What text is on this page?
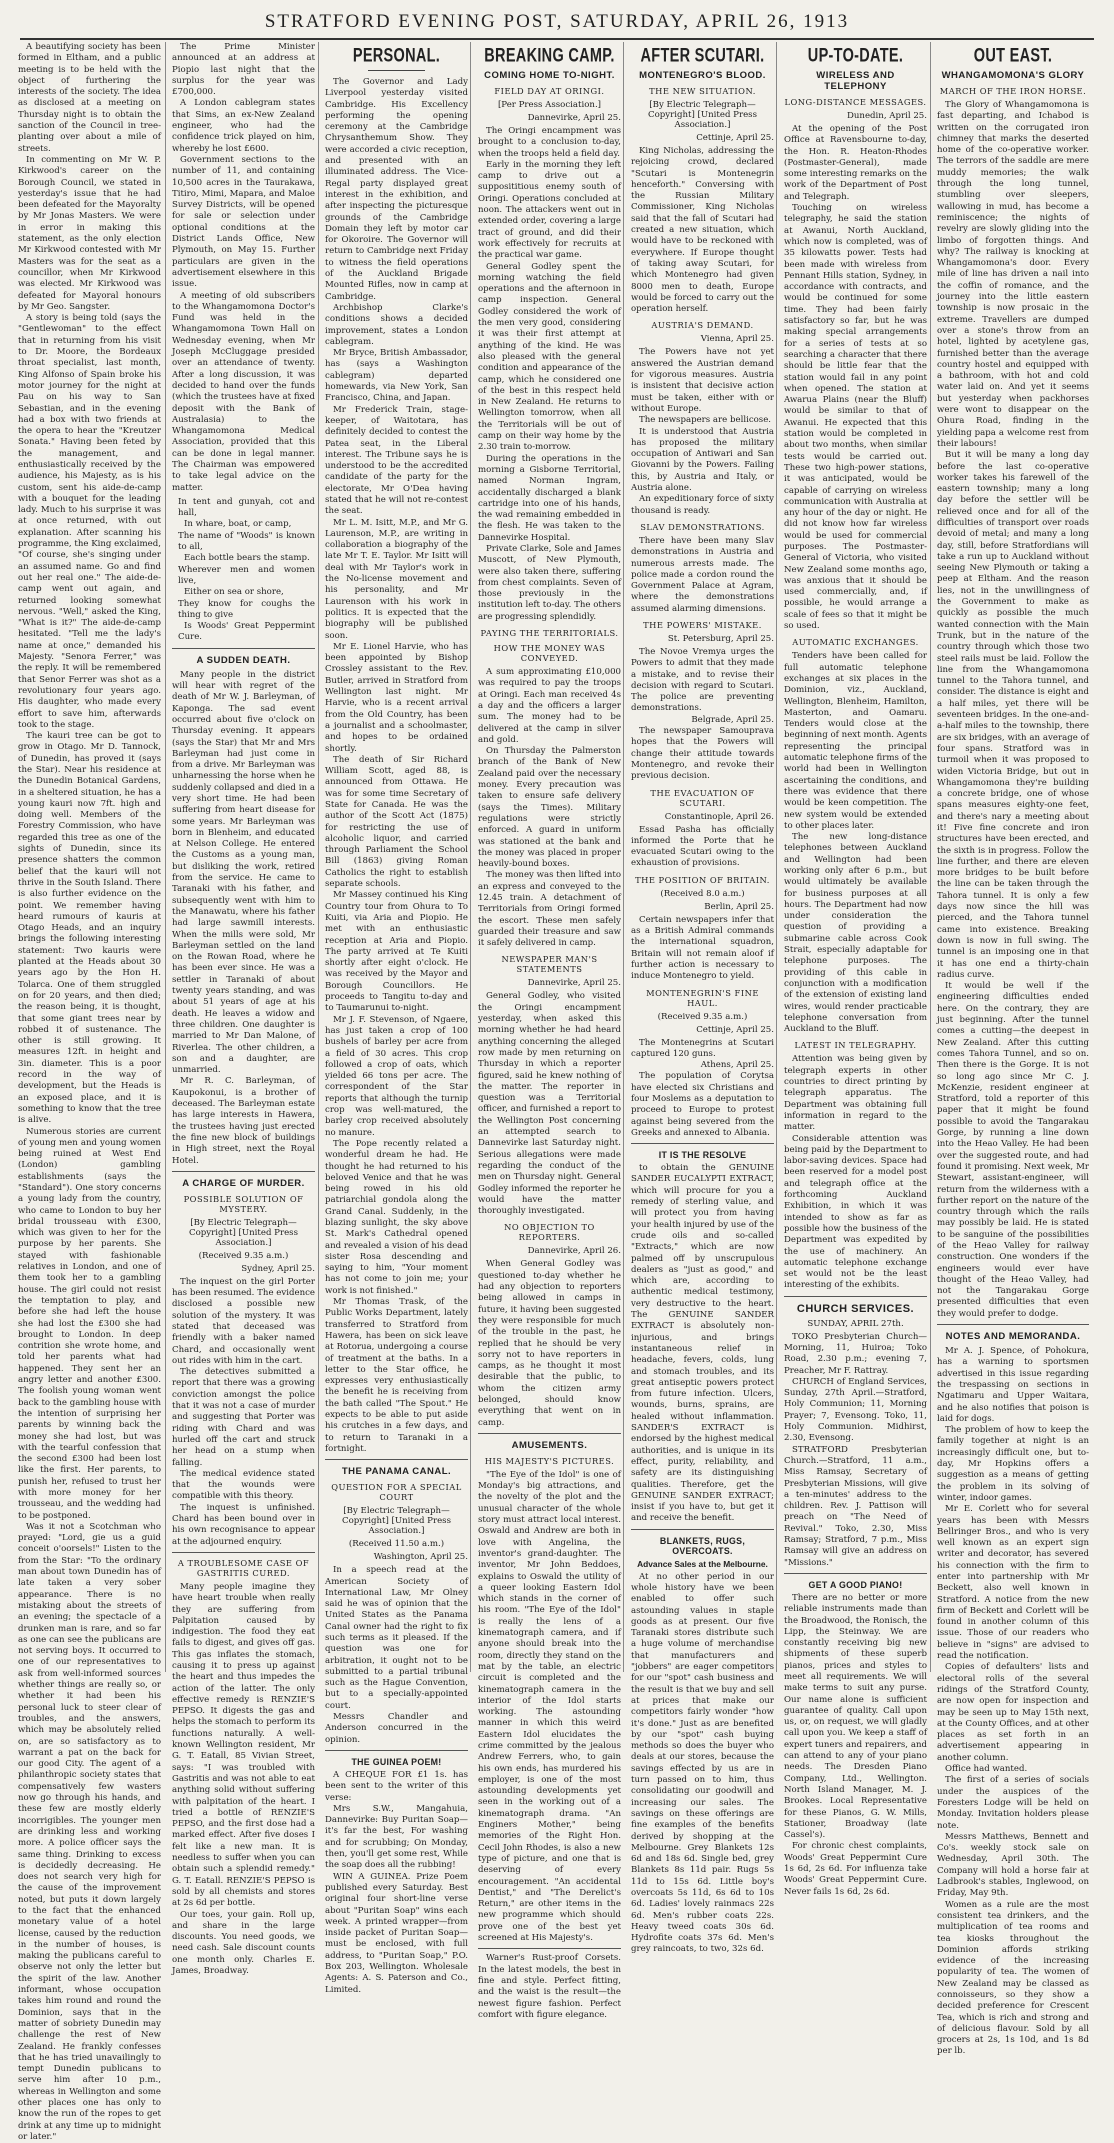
STRATFORD EVENING POST, SATURDAY, APRIL 26, 1913

A beautifying society has been formed in Eltham, and a public meeting is to be held with the object of furthering the interests of the society. The idea as disclosed at a meeting on Thursday night is to obtain the sanction of the Council in tree-planting over about a mile of streets.

In commenting on Mr W. P. Kirkwood's career on the Borough Council, we stated in yesterday's issue that he had been defeated for the Mayoralty by Mr Jonas Masters. We were in error in making this statement, as the only election Mr Kirkwood contested with Mr Masters was for the seat as a councillor, when Mr Kirkwood was elected. Mr Kirkwood was defeated for Mayoral honours by Mr Geo. Sangster.

A story is being told (says the "Gentlewoman" to the effect that in returning from his visit to Dr. Moore, the Bordeaux throat specialist, last month, King Alfonso of Spain broke his motor journey for the night at Pau on his way to San Sebastian, and in the evening had a box with two friends at the opera to hear the "Kreutzer Sonata." Having been feted by the management, and enthusiastically received by the audience, his Majesty, as is his custom, sent his aide-de-camp with a bouquet for the leading lady. Much to his surprise it was at once returned, with out explanation. After scanning his programme, the King exclaimed, "Of course, she's singing under an assumed name. Go and find out her real one." The aide-de-camp went out again, and returned looking somewhat nervous. "Well," asked the King, "What is it?" The aide-de-camp hesitated. "Tell me the lady's name at once," demanded his Majesty. "Senora Ferrer," was the reply. It will be remembered that Senor Ferrer was shot as a revolutionary four years ago. His daughter, who made every effort to save him, afterwards took to the stage.

The kauri tree can be got to grow in Otago. Mr D. Tannock, of Dunedin, has proved it (says the Star). Near his residence at the Dunedin Botanical Gardens, in a sheltered situation, he has a young kauri now 7ft. high and doing well. Members of the Forestry Commission, who have regarded this tree as one of the sights of Dunedin, since its presence shatters the common belief that the kauri will not thrive in the South Island. There is also further evidence on the point. We remember having heard rumours of kauris at Otago Heads, and an inquiry brings the following interesting statement: Two kauris were planted at the Heads about 30 years ago by the Hon H. Tolarca. One of them struggled on for 20 years, and then died; the reason being, it is thought, that some giant trees near by robbed it of sustenance. The other is still growing. It measures 12ft. in height and 3in. diameter. This is a poor record in the way of development, but the Heads is an exposed place, and it is something to know that the tree is alive.

Numerous stories are current of young men and young women being ruined at West End (London) gambling establishments (says the "Standard"). One story concerns a young lady from the country, who came to London to buy her bridal trousseau with £300, which was given to her for the purpose by her parents. She stayed with fashionable relatives in London, and one of them took her to a gambling house. The girl could not resist the temptation to play, and before she had left the house she had lost the £300 she had brought to London. In deep contrition she wrote home, and told her parents what had happened. They sent her an angry letter and another £300. The foolish young woman went back to the gambling house with the intention of surprising her parents by winning back the money she had lost, but was with the tearful confession that the second £300 had been lost like the first. Her parents, to punish her, refused to trust her with more money for her trousseau, and the wedding had to be postponed.

Was it not a Scotchman who prayed: "Lord, gie us a guid conceit o'oorsels!" Listen to the from the Star: "To the ordinary man about town Dunedin has of late taken a very sober appearance. There is no mistaking about the streets of an evening; the spectacle of a drunken man is rare, and so far as one can see the publicans are not serving boys. It occurred to one of our representatives to ask from well-informed sources whether things are really so, or whether it had been his personal luck to steer clear of troubles, and the answers, which may be absolutely relied on, are so satisfactory as to warrant a pat on the back for our good City. The agent of a philanthropic society states that compensatively few wasters now go through his hands, and these few are mostly elderly incorrigibles. The younger men are drinking less and working more. A police officer says the same thing. Drinking to excess is decidedly decreasing. He does not search very high for the cause of the improvement noted, but puts it down largely to the fact that the enhanced monetary value of a hotel license, caused by the reduction in the number of houses, is making the publicans careful to observe not only the letter but the spirit of the law. Another informant, whose occupation takes him round and round the Dominion, says that in the matter of sobriety Dunedin may challenge the rest of New Zealand. He frankly confesses that he has tried unavailingly to tempt Dunedin publicans to serve him after 10 p.m., whereas in Wellington and some other places one has only to know the run of the ropes to get drink at any time up to midnight or later."

The Prime Minister announced at an address at Piopio last night that the surplus for the year was £700,000.

A London cablegram states that Sims, an ex-New Zealand engineer, who had the confidence trick played on him, whereby he lost £600.

Government sections to the number of 11, and containing 10,500 acres in the Taurakawa, Titiro, Mimi, Mapara, and Maloe Survey Districts, will be opened for sale or selection under optional conditions at the District Lands Office, New Plymouth, on May 15. Further particulars are given in the advertisement elsewhere in this issue.

A meeting of old subscribers to the Whangamomona Doctor's Fund was held in the Whangamomona Town Hall on Wednesday evening, when Mr Joseph McCluggage presided over an attendance of twenty. After a long discussion, it was decided to hand over the funds (which the trustees have at fixed deposit with the Bank of Australasia) to the Whangamomona Medical Association, provided that this can be done in legal manner. The Chairman was empowered to take legal advice on the matter.

In tent and gunyah, cot and hall,

In whare, boat, or camp,

The name of "Woods" is known to all,

Each bottle bears the stamp.

Wherever men and women live,

Either on sea or shore,

They know for coughs the thing to give

Is Woods' Great Peppermint Cure.

A SUDDEN DEATH.

Many people in the district will hear with regret of the death of Mr W. J. Barleyman, of Kaponga. The sad event occurred about five o'clock on Thursday evening. It appears (says the Star) that Mr and Mrs Barleyman had just come in from a drive. Mr Barleyman was unharnessing the horse when he suddenly collapsed and died in a very short time. He had been suffering from heart disease for some years. Mr Barleyman was born in Blenheim, and educated at Nelson College. He entered the Customs as a young man, but disliking the work, retired from the service. He came to Taranaki with his father, and subsequently went with him to the Manawatu, where his father had large sawmill interests. When the mills were sold, Mr Barleyman settled on the land on the Rowan Road, where he has been ever since. He was a settler in Taranaki of about twenty years standing, and was about 51 years of age at his death. He leaves a widow and three children. One daughter is married to Mr Dan Malone, of Riverlea. The other children, a son and a daughter, are unmarried.

Mr R. C. Barleyman, of Kaupokonui, is a brother of deceased. The Barleyman estate has large interests in Hawera, the trustees having just erected the fine new block of buildings in High street, next the Royal Hotel.

A CHARGE OF MURDER.
POSSIBLE SOLUTION OF MYSTERY.
[By Electric Telegraph—Copyright] [United Press Association.]
(Received 9.35 a.m.)
Sydney, April 25.

The inquest on the girl Porter has been resumed. The evidence disclosed a possible new solution of the mystery. It was stated that deceased was friendly with a baker named Chard, and occasionally went out rides with him in the cart.

The detectives submitted a report that there was a growing conviction amongst the police that it was not a case of murder and suggesting that Porter was riding with Chard and was hurled off the cart and struck her head on a stump when falling.

The medical evidence stated that the wounds were compatible with this theory.

The inquest is unfinished. Chard has been bound over in his own recognisance to appear at the adjourned enquiry.

A TROUBLESOME CASE OF GASTRITIS CURED.

Many people imagine they have heart trouble when really they are suffering from Palpitation caused by indigestion. The food they eat fails to digest, and gives off gas. This gas inflates the stomach, causing it to press up against the heart and thus impedes the action of the latter. The only effective remedy is RENZIE'S PEPSO. It digests the gas and helps the stomach to perform its functions naturally. A well-known Wellington resident, Mr G. T. Eatall, 85 Vivian Street, says: "I was troubled with Gastritis and was not able to eat anything solid without suffering with palpitation of the heart. I tried a bottle of RENZIE'S PEPSO, and the first dose had a marked effect. After five doses I felt like a new man. It is needless to suffer when you can obtain such a splendid remedy." G. T. Eatall. RENZIE'S PEPSO is sold by all chemists and stores at 2s 6d per bottle.

Our toes, your gain. Roll up, and share in the large discounts. You need goods, we need cash. Sale discount counts one month only. Charles E. James, Broadway.

PERSONAL.

The Governor and Lady Liverpool yesterday visited Cambridge. His Excellency performing the opening ceremony at the Cambridge Chrysanthemum Show. They were accorded a civic reception, and presented with an illuminated address. The Vice-Regal party displayed great interest in the exhibition, and after inspecting the picturesque grounds of the Cambridge Domain they left by motor car for Okoroire. The Governor will return to Cambridge next Friday to witness the field operations of the Auckland Brigade Mounted Rifles, now in camp at Cambridge.

Archbishop Clarke's conditions shows a decided improvement, states a London cablegram.

Mr Bryce, British Ambassador, has (says a Washington cablegram) departed homewards, via New York, San Francisco, China, and Japan.

Mr Frederick Train, stage-keeper, of Waitotara, has definitely decided to contest the Patea seat, in the Liberal interest. The Tribune says he is understood to be the accredited candidate of the party for the electorate, Mr O'Dea having stated that he will not re-contest the seat.

Mr L. M. Isitt, M.P., and Mr G. Laurenson, M.P., are writing in collaboration a biography of the late Mr T. E. Taylor. Mr Isitt will deal with Mr Taylor's work in the No-license movement and his personality, and Mr Laurenson with his work in politics. It is expected that the biography will be published soon.

Mr E. Lionel Harvie, who has been appointed by Bishop Crossley assistant to the Rev. Butler, arrived in Stratford from Wellington last night. Mr Harvie, who is a recent arrival from the Old Country, has been a journalist and a schoolmaster, and hopes to be ordained shortly.

The death of Sir Richard William Scott, aged 88, is announced from Ottawa. He was for some time Secretary of State for Canada. He was the author of the Scott Act (1875) for restricting the use of alcoholic liquor, and carried through Parliament the School Bill (1863) giving Roman Catholics the right to establish separate schools.

Mr Massey continued his King Country tour from Ohura to To Kuiti, via Aria and Piopio. He met with an enthusiastic reception at Aria and Piopio. The party arrived at Te Kuiti shortly after eight o'clock. He was received by the Mayor and Borough Councillors. He proceeds to Tangitu to-day and to Taumarunui to-night.

Mr J. F. Stevenson, of Ngaere, has just taken a crop of 100 bushels of barley per acre from a field of 30 acres. This crop followed a crop of oats, which yielded 66 tons per acre. The correspondent of the Star reports that although the turnip crop was well-matured, the barley crop received absolutely no manure.

The Pope recently related a wonderful dream he had. He thought he had returned to his beloved Venice and that he was being rowed in his old patriarchial gondola along the Grand Canal. Suddenly, in the blazing sunlight, the sky above St. Mark's Cathedral opened and revealed a vision of his dead sister Rosa descending and saying to him, "Your moment has not come to join me; your work is not finished."

Mr Thomas Trask, of the Public Works Department, lately transferred to Stratford from Hawera, has been on sick leave at Rotorua, undergoing a course of treatment at the baths. In a letter to the Star office, he expresses very enthusiastically the benefit he is receiving from the bath called "The Spout." He expects to be able to put aside his crutches in a few days, and to return to Taranaki in a fortnight.

THE PANAMA CANAL.
QUESTION FOR A SPECIAL COURT
[By Electric Telegraph—Copyright] [United Press Association.]
(Received 11.50 a.m.)
Washington, April 25.

In a speech read at the American Society of International Law, Mr Olney said he was of opinion that the United States as the Panama Canal owner had the right to fix such terms as it pleased. If the question was one for arbitration, it ought not to be submitted to a partial tribunal such as the Hague Convention, but to a specially-appointed court.

Messrs Chandler and Anderson concurred in the opinion.

THE GUINEA POEM!

A CHEQUE FOR £1 1s. has been sent to the writer of this verse:

Mrs S.W., Mangahuia, Dannevirke: Buy Puritan Soap—it's far the best, For washing and for scrubbing; On Monday, then, you'll get some rest, While the soap does all the rubbing!

WIN A GUINEA. Prize Poem published every Saturday. Best original four short-line verse about "Puritan Soap" wins each week. A printed wrapper—from inside packet of Puritan Soap—must be enclosed, with full address, to "Puritan Soap," P.O. Box 203, Wellington. Wholesale Agents: A. S. Paterson and Co., Limited.

BREAKING CAMP.
COMING HOME TO-NIGHT.
FIELD DAY AT ORINGI.
[Per Press Association.]
Dannevirke, April 25.

The Oringi encampment was brought to a conclusion to-day, when the troops held a field day.

Early in the morning they left camp to drive out a supposititious enemy south of Oringi. Operations concluded at noon. The attackers went out in extended order, covering a large tract of ground, and did their work effectively for recruits at the practical war game.

General Godley spent the morning watching the field operations and the afternoon in camp inspection. General Godley considered the work of the men very good, considering it was their first attempt at anything of the kind. He was also pleased with the general condition and appearance of the camp, which he considered one of the best in this respect held in New Zealand. He returns to Wellington tomorrow, when all the Territorials will be out of camp on their way home by the 2.30 train to-morrow.

During the operations in the morning a Gisborne Territorial, named Norman Ingram, accidentally discharged a blank cartridge into one of his hands, the wad remaining embedded in the flesh. He was taken to the Dannevirke Hospital.

Private Clarke, Sole and James Muscott, of New Plymouth, were also taken there, suffering from chest complaints. Seven of those previously in the institution left to-day. The others are progressing splendidly.

PAYING THE TERRITORIALS.
HOW THE MONEY WAS CONVEYED.

A sum approximating £10,000 was required to pay the troops at Oringi. Each man received 4s a day and the officers a larger sum. The money had to be delivered at the camp in silver and gold.

On Thursday the Palmerston branch of the Bank of New Zealand paid over the necessary money. Every precaution was taken to ensure safe delivery (says the Times). Military regulations were strictly enforced. A guard in uniform was stationed at the bank and the money was placed in proper heavily-bound boxes.

The money was then lifted into an express and conveyed to the 12.45 train. A detachment of Territorials from Oringi formed the escort. These men safely guarded their treasure and saw it safely delivered in camp.

NEWSPAPER MAN'S STATEMENTS
Dannevirke, April 25.

General Godley, who visited the Oringi encampment yesterday, when asked this morning whether he had heard anything concerning the alleged row made by men returning on Thursday in which a reporter figured, said he knew nothing of the matter. The reporter in question was a Territorial officer, and furnished a report to the Wellington Post concerning an attempted search to Dannevirke last Saturday night. Serious allegations were made regarding the conduct of the men on Thursday night. General Godley informed the reporter he would have the matter thoroughly investigated.

NO OBJECTION TO REPORTERS.
Dannevirke, April 26.

When General Godley was questioned to-day whether he had any objection to reporters being allowed in camps in future, it having been suggested they were responsible for much of the trouble in the past, he replied that he should be very sorry not to have reporters in camps, as he thought it most desirable that the public, to whom the citizen army belonged, should know everything that went on in camp.

AMUSEMENTS.
HIS MAJESTY'S PICTURES.

"The Eye of the Idol" is one of Monday's big attractions, and the novelty of the plot and the unusual character of the whole story must attract local interest. Oswald and Andrew are both in love with Angelina, the inventor's grand-daughter. The inventor, Mr John Beddoes, explains to Oswald the utility of a queer looking Eastern Idol which stands in the corner of his room. "The Eye of the Idol" is really the lens of a kinematograph camera, and if anyone should break into the room, directly they stand on the mat by the table, an electric circuit is completed and the kinematograph camera in the interior of the Idol starts working. The astounding manner in which this weird Eastern Idol elucidates the crime committed by the jealous Andrew Ferrers, who, to gain his own ends, has murdered his employer, is one of the most astounding developments yet seen in the working out of a kinematograph drama. "An Enginers Mother," being memories of the Right Hon. Cecil John Rhodes, is also a new type of picture, and one that is deserving of every encouragement. "An accidental Dentist," and "The Derelict's Return," are other items in the new programme which should prove one of the best yet screened at His Majesty's.

Warner's Rust-proof Corsets. In the latest models, the best in fine and style. Perfect fitting, and the waist is the result—the newest figure fashion. Perfect comfort with figure elegance.

AFTER SCUTARI.
MONTENEGRO'S BLOOD.
THE NEW SITUATION.
[By Electric Telegraph—Copyright] [United Press Association.]
Cettinje, April 25.

King Nicholas, addressing the rejoicing crowd, declared "Scutari is Montenegrin henceforth." Conversing with the Russian Military Commissioner, King Nicholas said that the fall of Scutari had created a new situation, which would have to be reckoned with everywhere. If Europe thought of taking away Scutari, for which Montenegro had given 8000 men to death, Europe would be forced to carry out the operation herself.

AUSTRIA'S DEMAND.
Vienna, April 25.

The Powers have not yet answered the Austrian demand for vigorous measures. Austria is insistent that decisive action must be taken, either with or without Europe.

The newspapers are bellicose.

It is understood that Austria has proposed the military occupation of Antiwari and San Giovanni by the Powers. Failing this, by Austria and Italy, or Austria alone.

An expeditionary force of sixty thousand is ready.

SLAV DEMONSTRATIONS.

There have been many Slav demonstrations in Austria and numerous arrests made. The police made a cordon round the Government Palace at Agram, where the demonstrations assumed alarming dimensions.

THE POWERS' MISTAKE.
St. Petersburg, April 25.

The Novoe Vremya urges the Powers to admit that they made a mistake, and to revise their decision with regard to Scutari. The police are preventing demonstrations.

Belgrade, April 25.

The newspaper Samouprava hopes that the Powers will change their attitude towards Montenegro, and revoke their previous decision.

THE EVACUATION OF SCUTARI.
Constantinople, April 26.

Essad Pasha has officially informed the Porte that he evacuated Scutari owing to the exhaustion of provisions.

THE POSITION OF BRITAIN.
(Received 8.0 a.m.)
Berlin, April 25.

Certain newspapers infer that as a British Admiral commands the international squadron, Britain will not remain aloof if further action is necessary to induce Montenegro to yield.

MONTENEGRIN'S FINE HAUL.
(Received 9.35 a.m.)
Cettinje, April 25.

The Montenegrins at Scutari captured 120 guns.

Athens, April 25.

The population of Corytsa have elected six Christians and four Moslems as a deputation to proceed to Europe to protest against being severed from the Greeks and annexed to Albania.

IT IS THE RESOLVE

to obtain the GENUINE SANDER EUCALYPTI EXTRACT, which will procure for you a remedy of sterling value, and will protect you from having your health injured by use of the crude oils and so-called "Extracts," which are now palmed off by unscrupulous dealers as "just as good," and which are, according to authentic medical testimony, very destructive to the heart. The GENUINE SANDER EXTRACT is absolutely non-injurious, and brings instantaneous relief in headache, fevers, colds, lung and stomach troubles, and its great antiseptic powers protect from future infection. Ulcers, wounds, burns, sprains, are healed without inflammation. SANDER'S EXTRACT is endorsed by the highest medical authorities, and is unique in its effect, purity, reliability, and safety are its distinguishing qualities. Therefore, get the GENUINE SANDER EXTRACT; insist if you have to, but get it and receive the benefit.

BLANKETS, RUGS, OVERCOATS.
Advance Sales at the Melbourne.

At no other period in our whole history have we been enabled to offer such astounding values in staple goods as at present. Our five Taranaki stores distribute such a huge volume of merchandise that manufacturers and "jobbers" are eager competitors for our "spot" cash business and the result is that we buy and sell at prices that make our competitors fairly wonder "how it's done." Just as are benefited by our "spot" cash buying methods so does the buyer who deals at our stores, because the savings effected by us are in turn passed on to him, thus consolidating our goodwill and increasing our sales. The savings on these offerings are fine examples of the benefits derived by shopping at the Melbourne. Grey Blankets 12s 6d and 18s 6d. Single bed, grey Blankets 8s 11d pair. Rugs 5s 11d to 15s 6d. Little boy's overcoats 5s 11d, 6s 6d to 10s 6d. Ladies' lovely rainmacs 22s 6d. Men's rubber coats 22s. Heavy tweed coats 30s 6d. Hydrofite coats 37s 6d. Men's grey raincoats, to two, 32s 6d.

UP-TO-DATE.
WIRELESS AND TELEPHONY
LONG-DISTANCE MESSAGES.
Dunedin, April 25.

At the opening of the Post Office at Ravensbourne to-day, the Hon. R. Heaton-Rhodes (Postmaster-General), made some interesting remarks on the work of the Department of Post and Telegraph.

Touching on wireless telegraphy, he said the station at Awanui, North Auckland, which now is completed, was of 35 kilowatts power. Tests had been made with wireless from Pennant Hills station, Sydney, in accordance with contracts, and would be continued for some time. They had been fairly satisfactory so far, but he was making special arrangements for a series of tests at so searching a character that there should be little fear that the station would fail in any point when opened. The station at Awarua Plains (near the Bluff) would be similar to that of Awanui. He expected that this station would be completed in about two months, when similar tests would be carried out. These two high-power stations, it was anticipated, would be capable of carrying on wireless communication with Australia at any hour of the day or night. He did not know how far wireless would be used for commercial purposes. The Postmaster-General of Victoria, who visited New Zealand some months ago, was anxious that it should be used commercially, and, if possible, he would arrange a scale of fees so that it might be so used.

AUTOMATIC EXCHANGES.

Tenders have been called for full automatic telephone exchanges at six places in the Dominion, viz., Auckland, Wellington, Blenheim, Hamilton, Masterton, and Oamaru. Tenders would close at the beginning of next month. Agents representing the principal automatic telephone firms of the world had been in Wellington ascertaining the conditions, and there was evidence that there would be keen competition. The new system would be extended to other places later.

The new long-distance telephones between Auckland and Wellington had been working only after 6 p.m., but would ultimately be available for business purposes at all hours. The Department had now under consideration the question of providing a submarine cable across Cook Strait, especially adaptable for telephone purposes. The providing of this cable in conjunction with a modification of the extension of existing land wires, would render practicable telephone conversation from Auckland to the Bluff.

LATEST IN TELEGRAPHY.

Attention was being given by telegraph experts in other countries to direct printing by telegraph apparatus. The Department was obtaining full information in regard to the matter.

Considerable attention was being paid by the Department to labor-saving devices. Space had been reserved for a model post and telegraph office at the forthcoming Auckland Exhibition, in which it was intended to show as far as possible how the business of the Department was expedited by the use of machinery. An automatic telephone exchange set would not be the least interesting of the exhibits.

CHURCH SERVICES.
SUNDAY, APRIL 27th.

TOKO Presbyterian Church—Morning, 11, Huiroa; Toko Road, 2.30 p.m.; evening 7, Preacher, Mr F. Rattray.

CHURCH of England Services, Sunday, 27th April.—Stratford, Holy Communion; 11, Morning Prayer; 7, Evensong. Toko, 11, Holy Communion. Midhirst, 2.30, Evensong.

STRATFORD Presbyterian Church.—Stratford, 11 a.m., Miss Ramsay, Secretary of Presbyterian Missions, will give a ten-minutes' address to the children. Rev. J. Pattison will preach on "The Need of Revival." Toko, 2.30, Miss Ramsay; Stratford, 7 p.m., Miss Ramsay will give an address on "Missions."

GET A GOOD PIANO!

There are no better or more reliable instruments made than the Broadwood, the Ronisch, the Lipp, the Steinway. We are constantly receiving big new shipments of these superb pianos, prices and styles to meet all requirements. We will make terms to suit any purse. Our name alone is sufficient guarantee of quality. Call upon us, or, on request, we will gladly call upon you. We keep a staff of expert tuners and repairers, and can attend to any of your piano needs. The Dresden Piano Company, Ltd., Wellington. North Island Manager, M. J. Brookes. Local Representative for these Pianos, G. W. Mills, Stationer, Broadway (late Cassel's).

For chronic chest complaints, Woods' Great Peppermint Cure 1s 6d, 2s 6d. For influenza take Woods' Great Peppermint Cure. Never fails 1s 6d, 2s 6d.

OUT EAST.
WHANGAMOMONA'S GLORY
MARCH OF THE IRON HORSE.

The Glory of Whangamomona is fast departing, and Ichabod is written on the corrugated iron chimney that marks the deserted home of the co-operative worker. The terrors of the saddle are mere muddy memories; the walk through the long tunnel, stumbling over sleepers, wallowing in mud, has become a reminiscence; the nights of revelry are slowly gliding into the limbo of forgotten things. And why? The railway is knocking at Whangamomona's door. Every mile of line has driven a nail into the coffin of romance, and the journey into the little eastern township is now prosaic in the extreme. Travellers are dumped over a stone's throw from an hotel, lighted by acetylene gas, furnished better than the average country hostel and equipped with a bathroom, with hot and cold water laid on. And yet it seems but yesterday when packhorses were wont to disappear on the Ohura Road, finding in the yielding papa a welcome rest from their labours!

But it will be many a long day before the last co-operative worker takes his farewell of the eastern township; many a long day before the settler will be relieved once and for all of the difficulties of transport over roads devoid of metal; and many a long day, still, before Stratfordians will take a run up to Auckland without seeing New Plymouth or taking a peep at Eltham. And the reason lies, not in the unwillingness of the Government to make as quickly as possible the much wanted connection with the Main Trunk, but in the nature of the country through which those two steel rails must be laid. Follow the line from the Whangamomona tunnel to the Tahora tunnel, and consider. The distance is eight and a half miles, yet there will be seventeen bridges. In the one-and-a-half miles to the township, there are six bridges, with an average of four spans. Stratford was in turmoil when it was proposed to widen Victoria Bridge, but out in Whangamomona they're building a concrete bridge, one of whose spans measures eighty-one feet, and there's nary a meeting about it! Five fine concrete and iron structures have been erected, and the sixth is in progress. Follow the line further, and there are eleven more bridges to be built before the line can be taken through the Tahora tunnel. It is only a few days now since the hill was pierced, and the Tahora tunnel came into existence. Breaking down is now in full swing. The tunnel is an imposing one in that it has one end a thirty-chain radius curve.

It would be well if the engineering difficulties ended here. On the contrary, they are just beginning. After the tunnel comes a cutting—the deepest in New Zealand. After this cutting comes Tahora Tunnel, and so on. Then there is the Gorge. It is not so long ago since Mr C. J. McKenzie, resident engineer at Stratford, told a reporter of this paper that it might be found possible to avoid the Tangarakau Gorge, by running a line down into the Heao Valley. He had been over the suggested route, and had found it promising. Next week, Mr Stewart, assistant-engineer, will return from the wilderness with a further report on the nature of the country through which the rails may possibly be laid. He is stated to be sanguine of the possibilities of the Heao Valley for railway construction. One wonders if the engineers would ever have thought of the Heao Valley, had not the Tangarakau Gorge presented difficulties that even they would prefer to dodge.

NOTES AND MEMORANDA.

Mr A. J. Spence, of Pohokura, has a warning to sportsmen advertised in this issue regarding the trespassing on sections in Ngatimaru and Upper Waitara, and he also notifies that poison is laid for dogs.

The problem of how to keep the family together at night is an increasingly difficult one, but to-day, Mr Hopkins offers a suggestion as a means of getting the problem in its solving of winter, indoor games.

Mr E. Corlett who for several years has been with Messrs Bellringer Bros., and who is very well known as an expert sign writer and decorator, has severed his connection with the firm to enter into partnership with Mr Beckett, also well known in Stratford. A notice from the new firm of Beckett and Corlett will be found in another column of this issue. Those of our readers who believe in "signs" are advised to read the notification.

Copies of defaulters' lists and electoral rolls of the several ridings of the Stratford County, are now open for inspection and may be seen up to May 15th next, at the County Offices, and at other places as set forth in an advertisement appearing in another column.

Office had wanted.

The first of a series of socials under the auspices of the Foresters Lodge will be held on Monday. Invitation holders please note.

Messrs Matthews, Bennett and Co's. weekly stock sale on Wednesday, April 30th. The Company will hold a horse fair at Ladbrook's stables, Inglewood, on Friday, May 9th.

Women as a rule are the most consistent tea drinkers, and the multiplication of tea rooms and tea kiosks throughout the Dominion affords striking evidence of the increasing popularity of tea. The women of New Zealand may be classed as connoisseurs, so they show a decided preference for Crescent Tea, which is rich and strong and of delicious flavour. Sold by all grocers at 2s, 1s 10d, and 1s 8d per lb.
